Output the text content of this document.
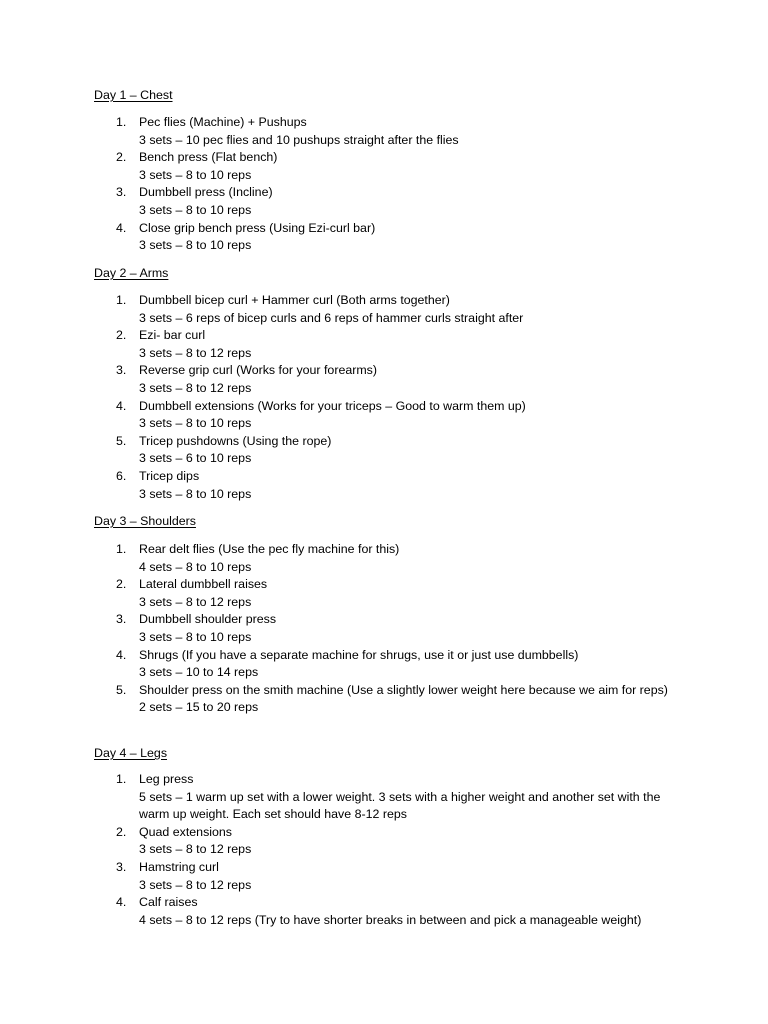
Day 1 – Chest
1. Pec flies (Machine) + Pushups
3 sets – 10 pec flies and 10 pushups straight after the flies
2. Bench press (Flat bench)
3 sets – 8 to 10 reps
3. Dumbbell press (Incline)
3 sets – 8 to 10 reps
4. Close grip bench press (Using Ezi-curl bar)
3 sets – 8 to 10 reps
Day 2 – Arms
1. Dumbbell bicep curl + Hammer curl (Both arms together)
3 sets – 6 reps of bicep curls and 6 reps of hammer curls straight after
2. Ezi- bar curl
3 sets – 8 to 12 reps
3. Reverse grip curl (Works for your forearms)
3 sets – 8 to 12 reps
4. Dumbbell extensions (Works for your triceps – Good to warm them up)
3 sets – 8 to 10 reps
5. Tricep pushdowns (Using the rope)
3 sets – 6 to 10 reps
6. Tricep dips
3 sets – 8 to 10 reps
Day 3 – Shoulders
1. Rear delt flies (Use the pec fly machine for this)
4 sets – 8 to 10 reps
2. Lateral dumbbell raises
3 sets – 8 to 12 reps
3. Dumbbell shoulder press
3 sets – 8 to 10 reps
4. Shrugs (If you have a separate machine for shrugs, use it or just use dumbbells)
3 sets – 10 to 14 reps
5. Shoulder press on the smith machine (Use a slightly lower weight here because we aim for reps)
2 sets – 15 to 20 reps
Day 4 – Legs
1. Leg press
5 sets – 1 warm up set with a lower weight. 3 sets with a higher weight and another set with the warm up weight. Each set should have 8-12 reps
2. Quad extensions
3 sets – 8 to 12 reps
3. Hamstring curl
3 sets – 8 to 12 reps
4. Calf raises
4 sets – 8 to 12 reps (Try to have shorter breaks in between and pick a manageable weight)
